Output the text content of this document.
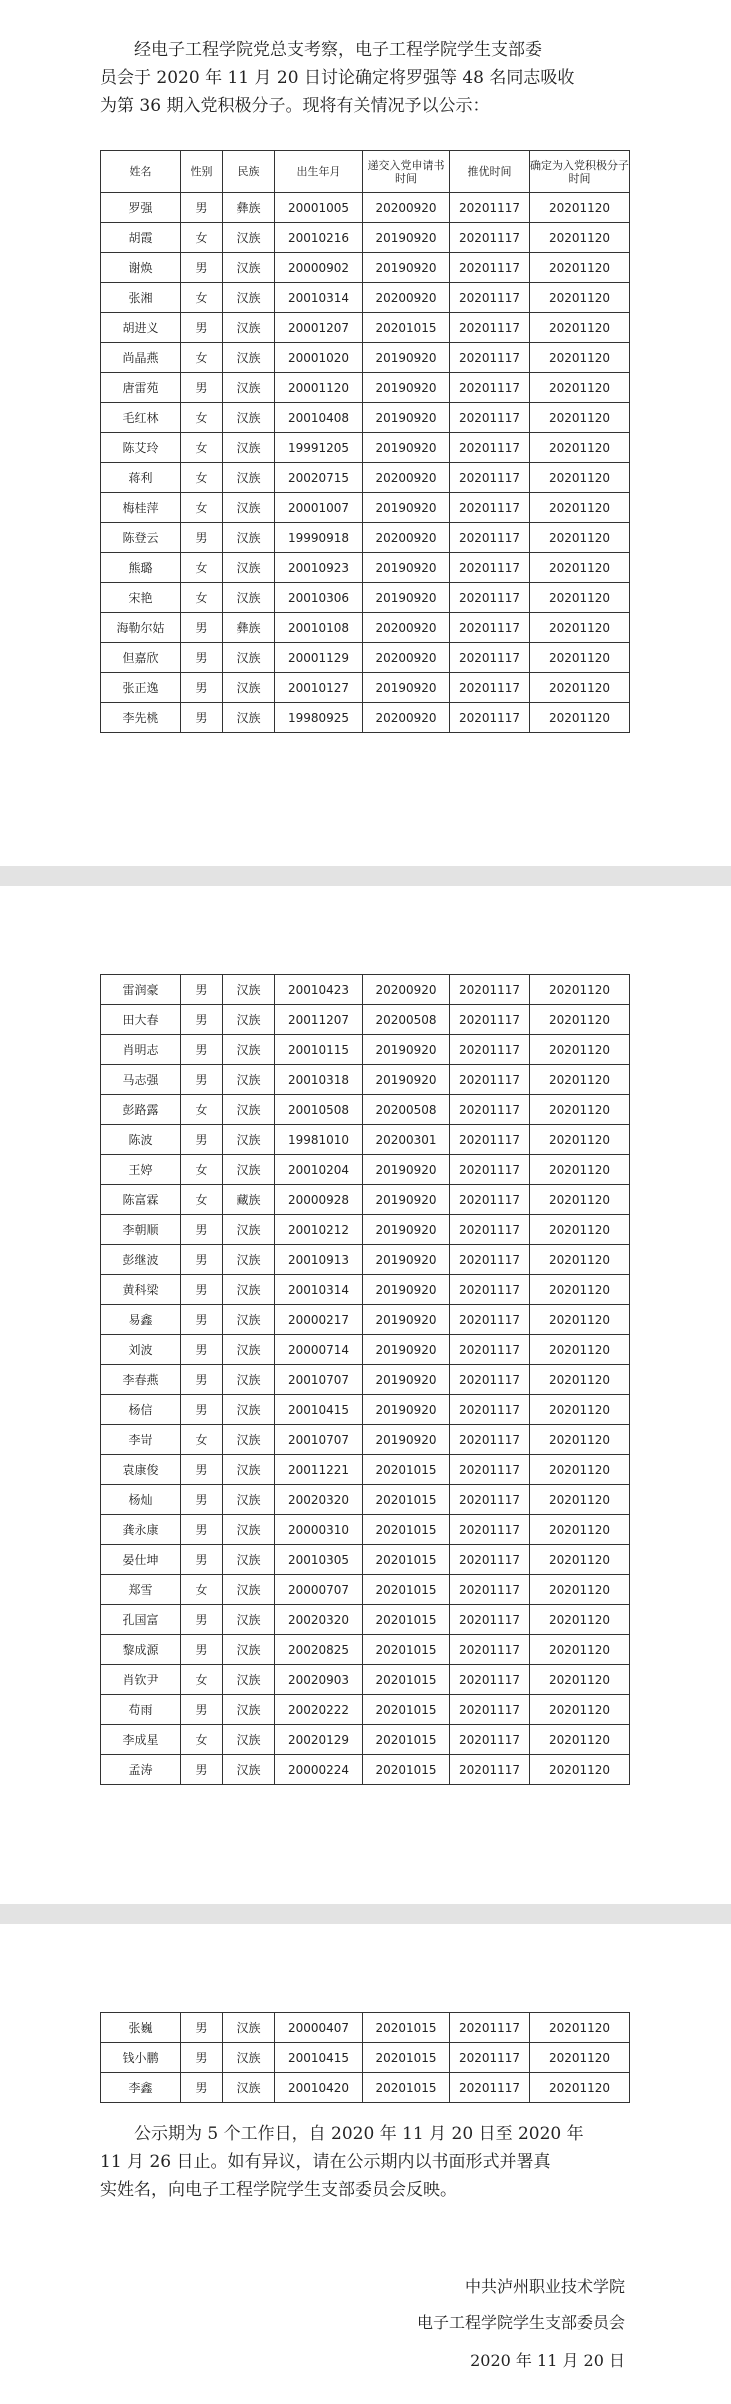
经电子工程学院党总支考察，电子工程学院学生支部委
员会于 2020 年 11 月 20 日讨论确定将罗强等 48 名同志吸收
为第 36 期入党积极分子。现将有关情况予以公示：

姓名	性别	民族	出生年月	递交入党申请书时间	推优时间	确定为入党积极分子时间
罗强	男	彝族	20001005	20200920	20201117	20201120
胡霞	女	汉族	20010216	20190920	20201117	20201120
谢焕	男	汉族	20000902	20190920	20201117	20201120
张湘	女	汉族	20010314	20200920	20201117	20201120
胡进义	男	汉族	20001207	20201015	20201117	20201120
尚晶燕	女	汉族	20001020	20190920	20201117	20201120
唐雷苑	男	汉族	20001120	20190920	20201117	20201120
毛红林	女	汉族	20010408	20190920	20201117	20201120
陈艾玲	女	汉族	19991205	20190920	20201117	20201120
蒋利	女	汉族	20020715	20200920	20201117	20201120
梅桂萍	女	汉族	20001007	20190920	20201117	20201120
陈登云	男	汉族	19990918	20200920	20201117	20201120
熊璐	女	汉族	20010923	20190920	20201117	20201120
宋艳	女	汉族	20010306	20190920	20201117	20201120
海勒尔姑	男	彝族	20010108	20200920	20201117	20201120
但嘉欣	男	汉族	20001129	20200920	20201117	20201120
张正逸	男	汉族	20010127	20190920	20201117	20201120
李先桃	男	汉族	19980925	20200920	20201117	20201120
雷润豪	男	汉族	20010423	20200920	20201117	20201120
田大春	男	汉族	20011207	20200508	20201117	20201120
肖明志	男	汉族	20010115	20190920	20201117	20201120
马志强	男	汉族	20010318	20190920	20201117	20201120
彭路露	女	汉族	20010508	20200508	20201117	20201120
陈波	男	汉族	19981010	20200301	20201117	20201120
王婷	女	汉族	20010204	20190920	20201117	20201120
陈富霖	女	藏族	20000928	20190920	20201117	20201120
李朝顺	男	汉族	20010212	20190920	20201117	20201120
彭继波	男	汉族	20010913	20190920	20201117	20201120
黄科梁	男	汉族	20010314	20190920	20201117	20201120
易鑫	男	汉族	20000217	20190920	20201117	20201120
刘波	男	汉族	20000714	20190920	20201117	20201120
李春燕	男	汉族	20010707	20190920	20201117	20201120
杨信	男	汉族	20010415	20190920	20201117	20201120
李岢	女	汉族	20010707	20190920	20201117	20201120
袁康俊	男	汉族	20011221	20201015	20201117	20201120
杨灿	男	汉族	20020320	20201015	20201117	20201120
龚永康	男	汉族	20000310	20201015	20201117	20201120
晏仕坤	男	汉族	20010305	20201015	20201117	20201120
郑雪	女	汉族	20000707	20201015	20201117	20201120
孔国富	男	汉族	20020320	20201015	20201117	20201120
黎成源	男	汉族	20020825	20201015	20201117	20201120
肖钦尹	女	汉族	20020903	20201015	20201117	20201120
苟雨	男	汉族	20020222	20201015	20201117	20201120
李成星	女	汉族	20020129	20201015	20201117	20201120
孟涛	男	汉族	20000224	20201015	20201117	20201120
张巍	男	汉族	20000407	20201015	20201117	20201120
钱小鹏	男	汉族	20010415	20201015	20201117	20201120
李鑫	男	汉族	20010420	20201015	20201117	20201120

公示期为 5 个工作日，自 2020 年 11 月 20 日至 2020 年
11 月 26 日止。如有异议，请在公示期内以书面形式并署真
实姓名，向电子工程学院学生支部委员会反映。

中共泸州职业技术学院
电子工程学院学生支部委员会
2020 年 11 月 20 日
